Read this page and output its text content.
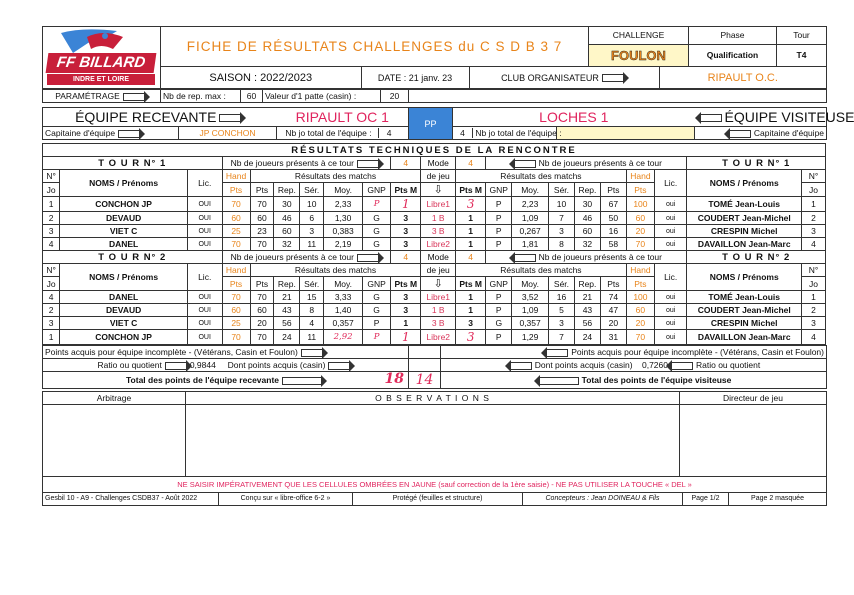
FF BILLARD
INDRE ET LOIRE
	FICHE DE RÉSULTATS CHALLENGES du C S D B 3 7	CHALLENGE	Phase	Tour
FOULON	Qualification	T4

SAISON : 2022/2023	DATE : 21 janv. 23	CLUB ORGANISATEUR	RIPAULT O.C.
PARAMÉTRAGE	Nb de rep. max :	60	Valeur d'1 patte (casin) :	20	
ÉQUIPE RECEVANTE		RIPAULT OC 1	PP	LOCHES 1		ÉQUIPE VISITEUSE
Capitaine d'équipe	JP CONCHON	Nb jo total de l'équipe : 4		4 Nb jo total de l'équipe :		Capitaine d'équipe
RÉSULTATS TECHNIQUES DE LA RENCONTRE																				
T O U R N° 1			Nb de joueurs présents à ce tour						4	Mode	4	Nb de joueurs présents à ce tour							T O U R N° 1	
N°	NOMS / Prénoms	Lic.	Hand	Résultats des matchs						de jeu	Résultats des matchs						Hand	Lic.	NOMS / Prénoms	N°
Jo			Pts	Pts	Rep.	Sér.	Moy.	GNP	Pts M	⇩	Pts M	GNP	Moy.	Sér.	Rep.	Pts	Pts			Jo
1	CONCHON JP	OUI	70	70	30	10	2,33	P	1	Libre1	3	P	2,23	10	30	67	100	oui	TOMÉ Jean-Louis	1
2	DEVAUD	OUI	60	60	46	6	1,30	G	3	1 B	1	P	1,09	7	46	50	60	oui	COUDERT Jean-Michel	2
3	VIET C	OUI	25	23	60	3	0,383	G	3	3 B	1	P	0,267	3	60	16	20	oui	CRESPIN Michel	3
4	DANEL	OUI	70	70	32	11	2,19	G	3	Libre2	1	P	1,81	8	32	58	70	oui	DAVAILLON Jean-Marc	4
T O U R N° 2			Nb de joueurs présents à ce tour						4	Mode	4	Nb de joueurs présents à ce tour							T O U R N° 2	
N°	NOMS / Prénoms	Lic.	Hand	Résultats des matchs						de jeu	Résultats des matchs						Hand	Lic.	NOMS / Prénoms	N°
Jo			Pts	Pts	Rep.	Sér.	Moy.	GNP	Pts M	⇩	Pts M	GNP	Moy.	Sér.	Rep.	Pts	Pts			Jo
4	DANEL	OUI	70	70	21	15	3,33	G	3	Libre1	1	P	3,52	16	21	74	100	oui	TOMÉ Jean-Louis	1
2	DEVAUD	OUI	60	60	43	8	1,40	G	3	1 B	1	P	1,09	5	43	47	60	oui	COUDERT Jean-Michel	2
3	VIET C	OUI	25	20	56	4	0,357	P	1	3 B	3	G	0,357	3	56	20	20	oui	CRESPIN Michel	3
1	CONCHON JP	OUI	70	70	24	11	2,92	P	1	Libre2	3	P	1,29	7	24	31	70	oui	DAVAILLON Jean-Marc	4
Points acquis pour équipe incomplète - (Vétérans, Casin et Foulon)		Points acquis pour équipe incomplète - (Vétérans, Casin et Foulon)
Ratio ou quotient 0,9844 Dont points acquis (casin)		Dont points acquis (casin) 0,7260 Ratio ou quotient
Total des points de l'équipe recevante 18	14	Total des points de l'équipe visiteuse
Arbitrage	O B S E R V A T I O N S	Directeur de jeu

NE SAISIR IMPÉRATIVEMENT QUE LES CELLULES OMBRÉES EN JAUNE (sauf correction de la 1ère saisie) - NE PAS UTILISER LA TOUCHE « DEL »		
Gesbil 10 - A9 - Challenges CSDB37 - Août 2022	Conçu sur « libre-office 6-2 »	Protégé (feuilles et structure)	Concepteurs : Jean DOINEAU & Fils	Page 1/2	Page 2 masquée
